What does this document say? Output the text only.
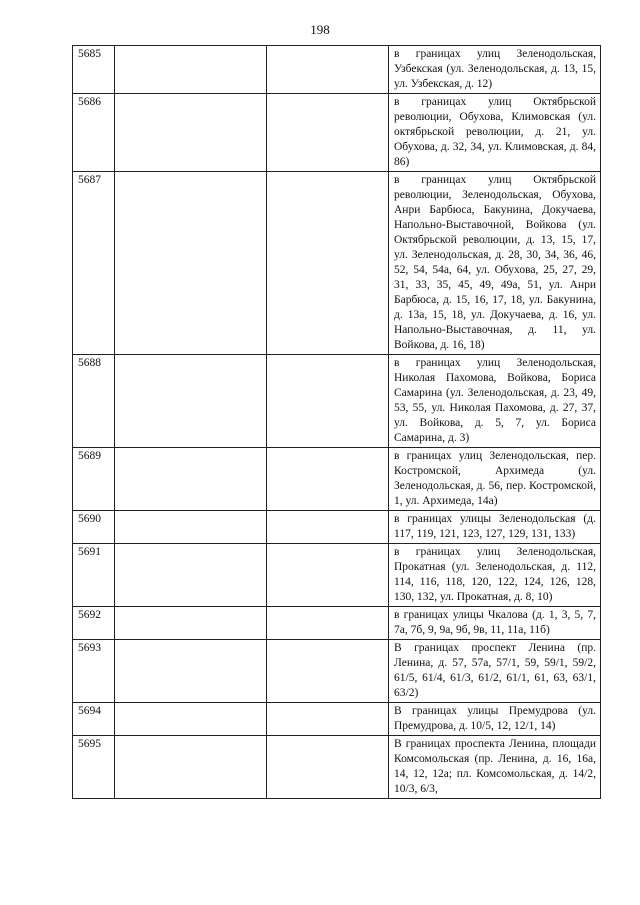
198
5685			в границах улиц Зеленодольская, Узбекская (ул. Зеленодольская, д. 13, 15, ул. Узбекская, д. 12)
5686			в границах улиц Октябрьской революции, Обухова, Климовская (ул. октябрьской революции, д. 21, ул. Обухова, д. 32, 34, ул. Климовская, д. 84, 86)
5687			в границах улиц Октябрьской революции, Зеленодольская, Обухова, Анри Барбюса, Бакунина, Докучаева, Напольно-Выставочной, Войкова (ул. Октябрьской революции, д. 13, 15, 17, ул. Зеленодольская, д. 28, 30, 34, 36, 46, 52, 54, 54а, 64, ул. Обухова, 25, 27, 29, 31, 33, 35, 45, 49, 49а, 51, ул. Анри Барбюса, д. 15, 16, 17, 18, ул. Бакунина, д. 13а, 15, 18, ул. Докучаева, д. 16, ул. Напольно-Выставочная, д. 11, ул. Войкова, д. 16, 18)
5688			в границах улиц Зеленодольская, Николая Пахомова, Войкова, Бориса Самарина (ул. Зеленодольская, д. 23, 49, 53, 55, ул. Николая Пахомова, д. 27, 37, ул. Войкова, д. 5, 7, ул. Бориса Самарина, д. 3)
5689			в границах улиц Зеленодольская, пер. Костромской, Архимеда (ул. Зеленодольская, д. 56, пер. Костромской, 1, ул. Архимеда, 14а)
5690			в границах улицы Зеленодольская (д. 117, 119, 121, 123, 127, 129, 131, 133)
5691			в границах улиц Зеленодольская, Прокатная (ул. Зеленодольская, д. 112, 114, 116, 118, 120, 122, 124, 126, 128, 130, 132, ул. Прокатная, д. 8, 10)
5692			в границах улицы Чкалова (д. 1, 3, 5, 7, 7а, 7б, 9, 9а, 9б, 9в, 11, 11а, 11б)
5693			В границах проспект Ленина (пр. Ленина, д. 57, 57а, 57/1, 59, 59/1, 59/2, 61/5, 61/4, 61/3, 61/2, 61/1, 61, 63, 63/1, 63/2)
5694			В границах улицы Премудрова (ул. Премудрова, д. 10/5, 12, 12/1, 14)
5695			В границах проспекта Ленина, площади Комсомольская (пр. Ленина, д. 16, 16а, 14, 12, 12а; пл. Комсомольская, д. 14/2, 10/3, 6/3,
